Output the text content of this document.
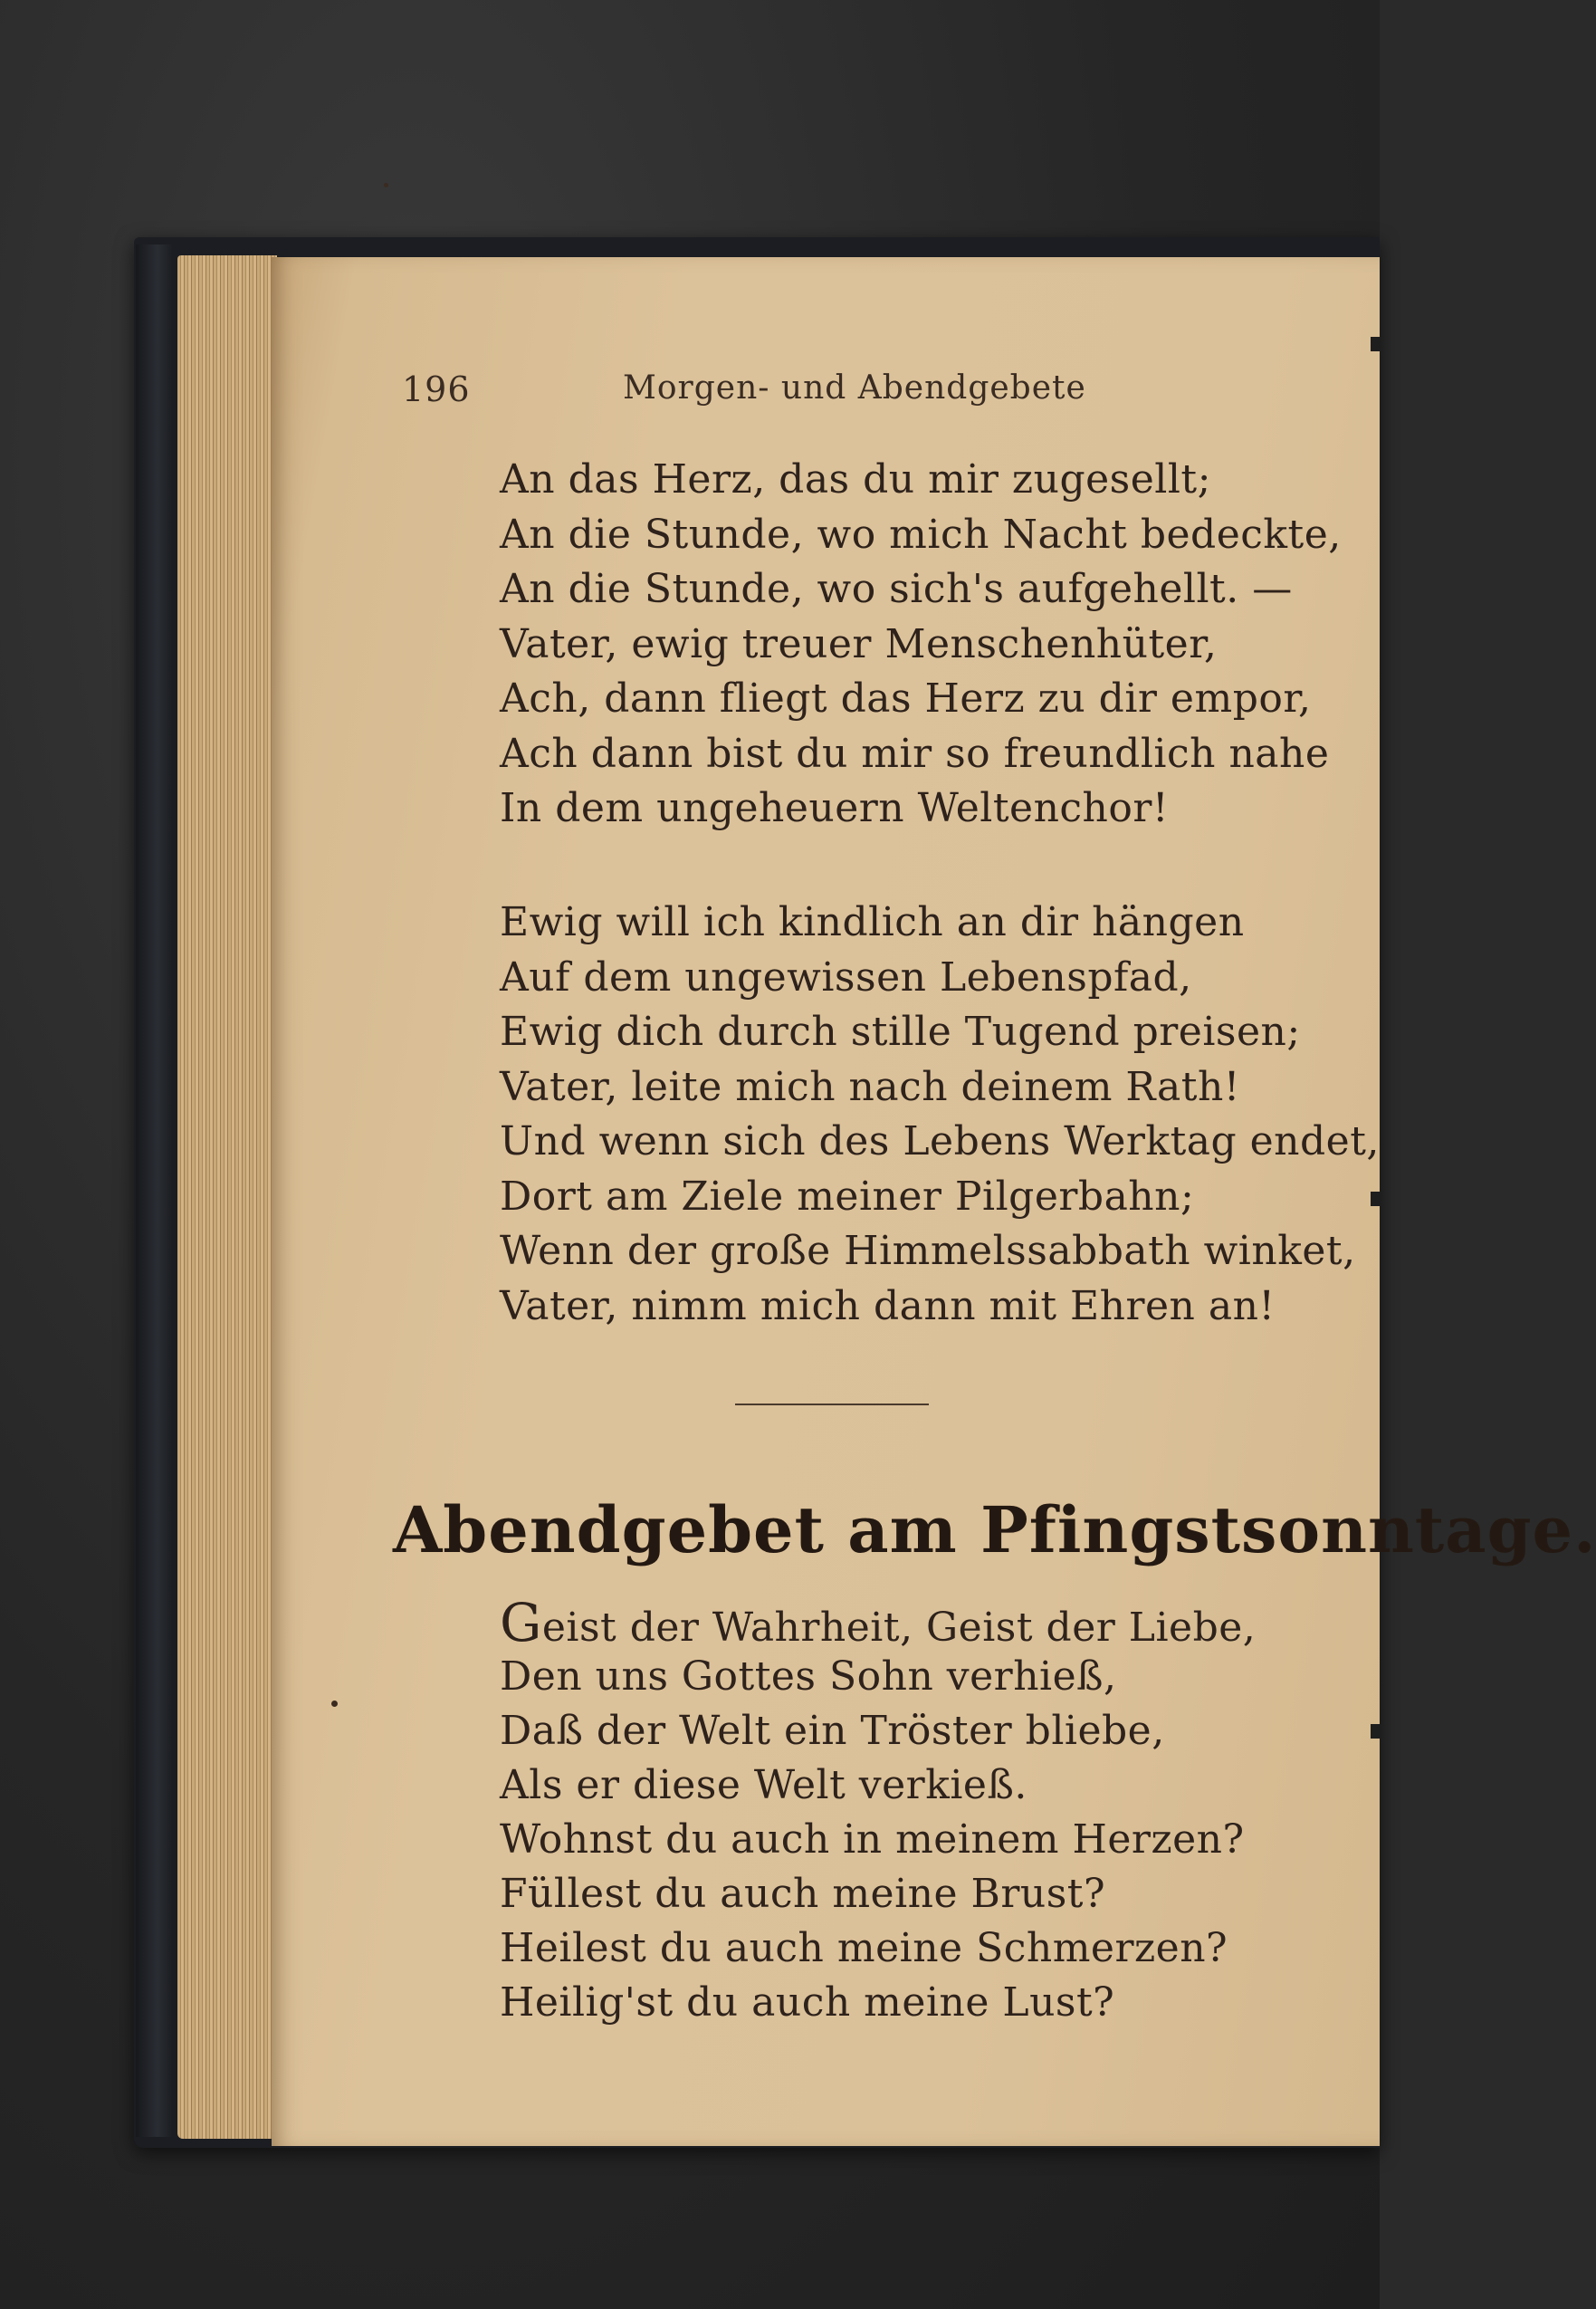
196	Morgen- und Abendgebete
An das Herz, das du mir zugesellt;
An die Stunde, wo mich Nacht bedeckte,
An die Stunde, wo sich's aufgehellt. —
Vater, ewig treuer Menschenhüter,
Ach, dann fliegt das Herz zu dir empor,
Ach dann bist du mir so freundlich nahe
In dem ungeheuern Weltenchor!
Ewig will ich kindlich an dir hängen
Auf dem ungewissen Lebenspfad,
Ewig dich durch stille Tugend preisen;
Vater, leite mich nach deinem Rath!
Und wenn sich des Lebens Werktag endet,
Dort am Ziele meiner Pilgerbahn;
Wenn der große Himmelssabbath winket,
Vater, nimm mich dann mit Ehren an!
Abendgebet am Pfingstsonntage.
Geist der Wahrheit, Geist der Liebe,
Den uns Gottes Sohn verhieß,
Daß der Welt ein Tröster bliebe,
Als er diese Welt verkieß.
Wohnst du auch in meinem Herzen?
Füllest du auch meine Brust?
Heilest du auch meine Schmerzen?
Heilig'st du auch meine Lust?
